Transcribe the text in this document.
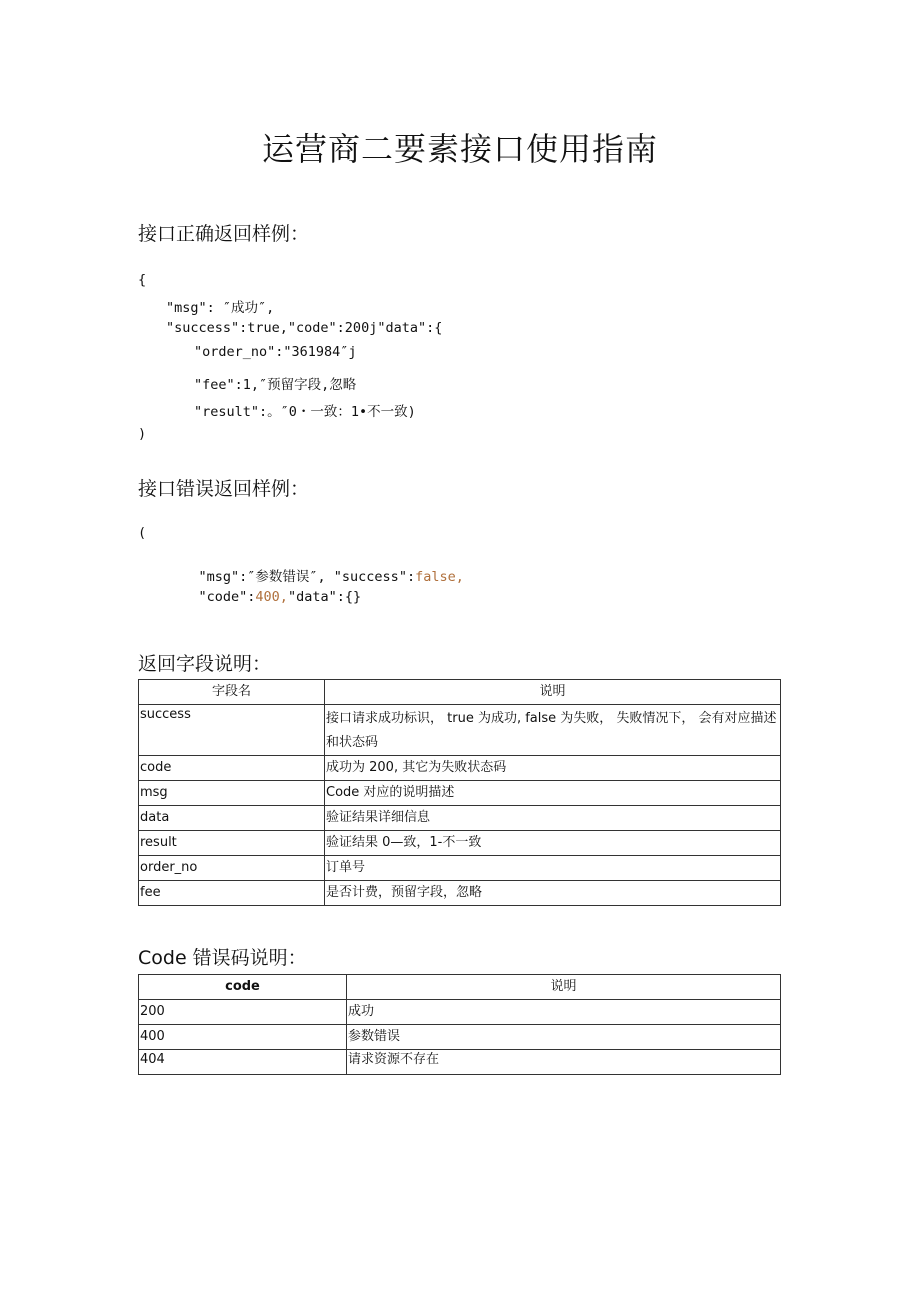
运营商二要素接口使用指南
接口正确返回样例：
{
"msg": ″成功″,
"success":true,"code":200j"data":{
"order_no":"361984″j
"fee":1,″预留字段,忽略
"result":。″0・一致：1•不一致)
)
接口错误返回样例：
(

"msg":″参数错误″, "success":false,

"code":400,"data":{}

返回字段说明：
字段名	说明
success	接口请求成功标识， true 为成功, false 为失败， 失败情况下， 会有对应描述和状态码
code	成功为 200, 其它为失败状态码
msg	Code 对应的说明描述
data	验证结果详细信息
result	验证结果 0—致，1-不一致
order_no	订单号
fee	是否计费，预留字段，忽略
Code 错误码说明：
code	说明
200	成功
400	参数错误
404	请求资源不存在
